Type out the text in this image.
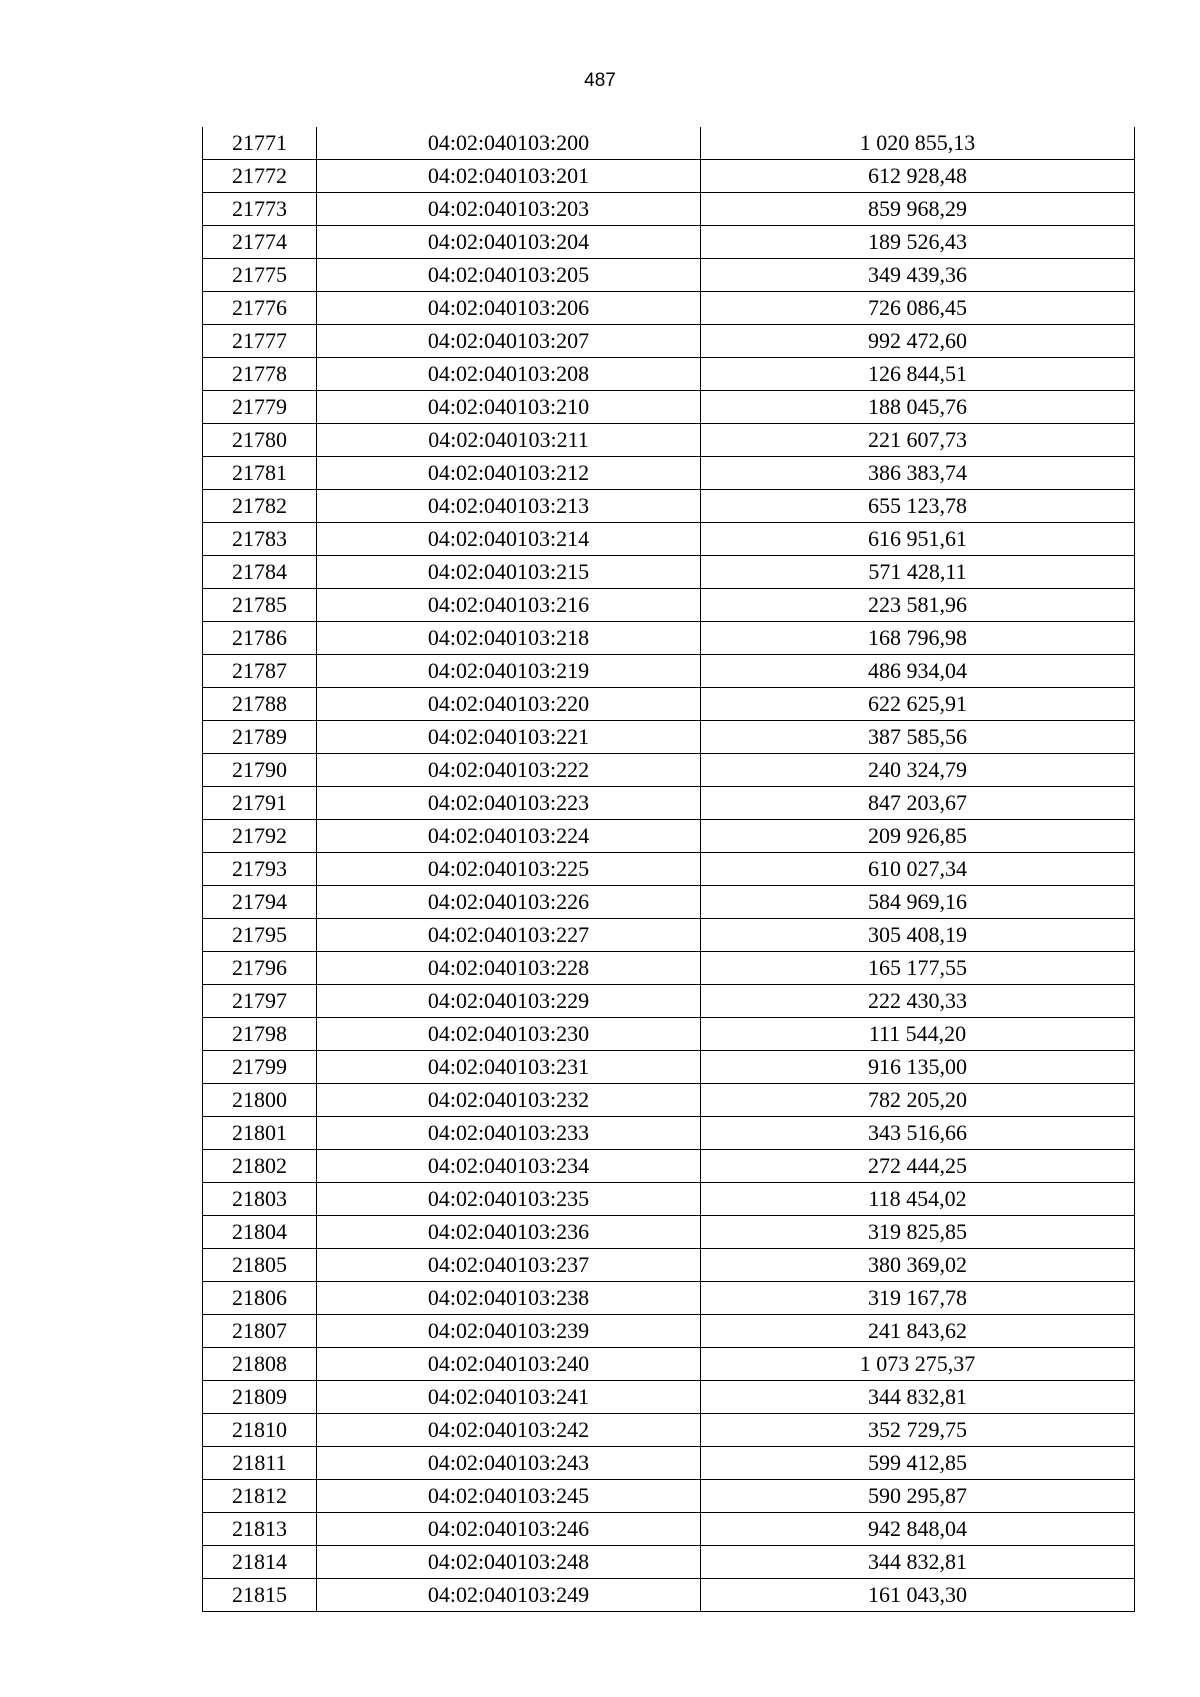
487
21771	04:02:040103:200	1 020 855,13
21772	04:02:040103:201	612 928,48
21773	04:02:040103:203	859 968,29
21774	04:02:040103:204	189 526,43
21775	04:02:040103:205	349 439,36
21776	04:02:040103:206	726 086,45
21777	04:02:040103:207	992 472,60
21778	04:02:040103:208	126 844,51
21779	04:02:040103:210	188 045,76
21780	04:02:040103:211	221 607,73
21781	04:02:040103:212	386 383,74
21782	04:02:040103:213	655 123,78
21783	04:02:040103:214	616 951,61
21784	04:02:040103:215	571 428,11
21785	04:02:040103:216	223 581,96
21786	04:02:040103:218	168 796,98
21787	04:02:040103:219	486 934,04
21788	04:02:040103:220	622 625,91
21789	04:02:040103:221	387 585,56
21790	04:02:040103:222	240 324,79
21791	04:02:040103:223	847 203,67
21792	04:02:040103:224	209 926,85
21793	04:02:040103:225	610 027,34
21794	04:02:040103:226	584 969,16
21795	04:02:040103:227	305 408,19
21796	04:02:040103:228	165 177,55
21797	04:02:040103:229	222 430,33
21798	04:02:040103:230	111 544,20
21799	04:02:040103:231	916 135,00
21800	04:02:040103:232	782 205,20
21801	04:02:040103:233	343 516,66
21802	04:02:040103:234	272 444,25
21803	04:02:040103:235	118 454,02
21804	04:02:040103:236	319 825,85
21805	04:02:040103:237	380 369,02
21806	04:02:040103:238	319 167,78
21807	04:02:040103:239	241 843,62
21808	04:02:040103:240	1 073 275,37
21809	04:02:040103:241	344 832,81
21810	04:02:040103:242	352 729,75
21811	04:02:040103:243	599 412,85
21812	04:02:040103:245	590 295,87
21813	04:02:040103:246	942 848,04
21814	04:02:040103:248	344 832,81
21815	04:02:040103:249	161 043,30
